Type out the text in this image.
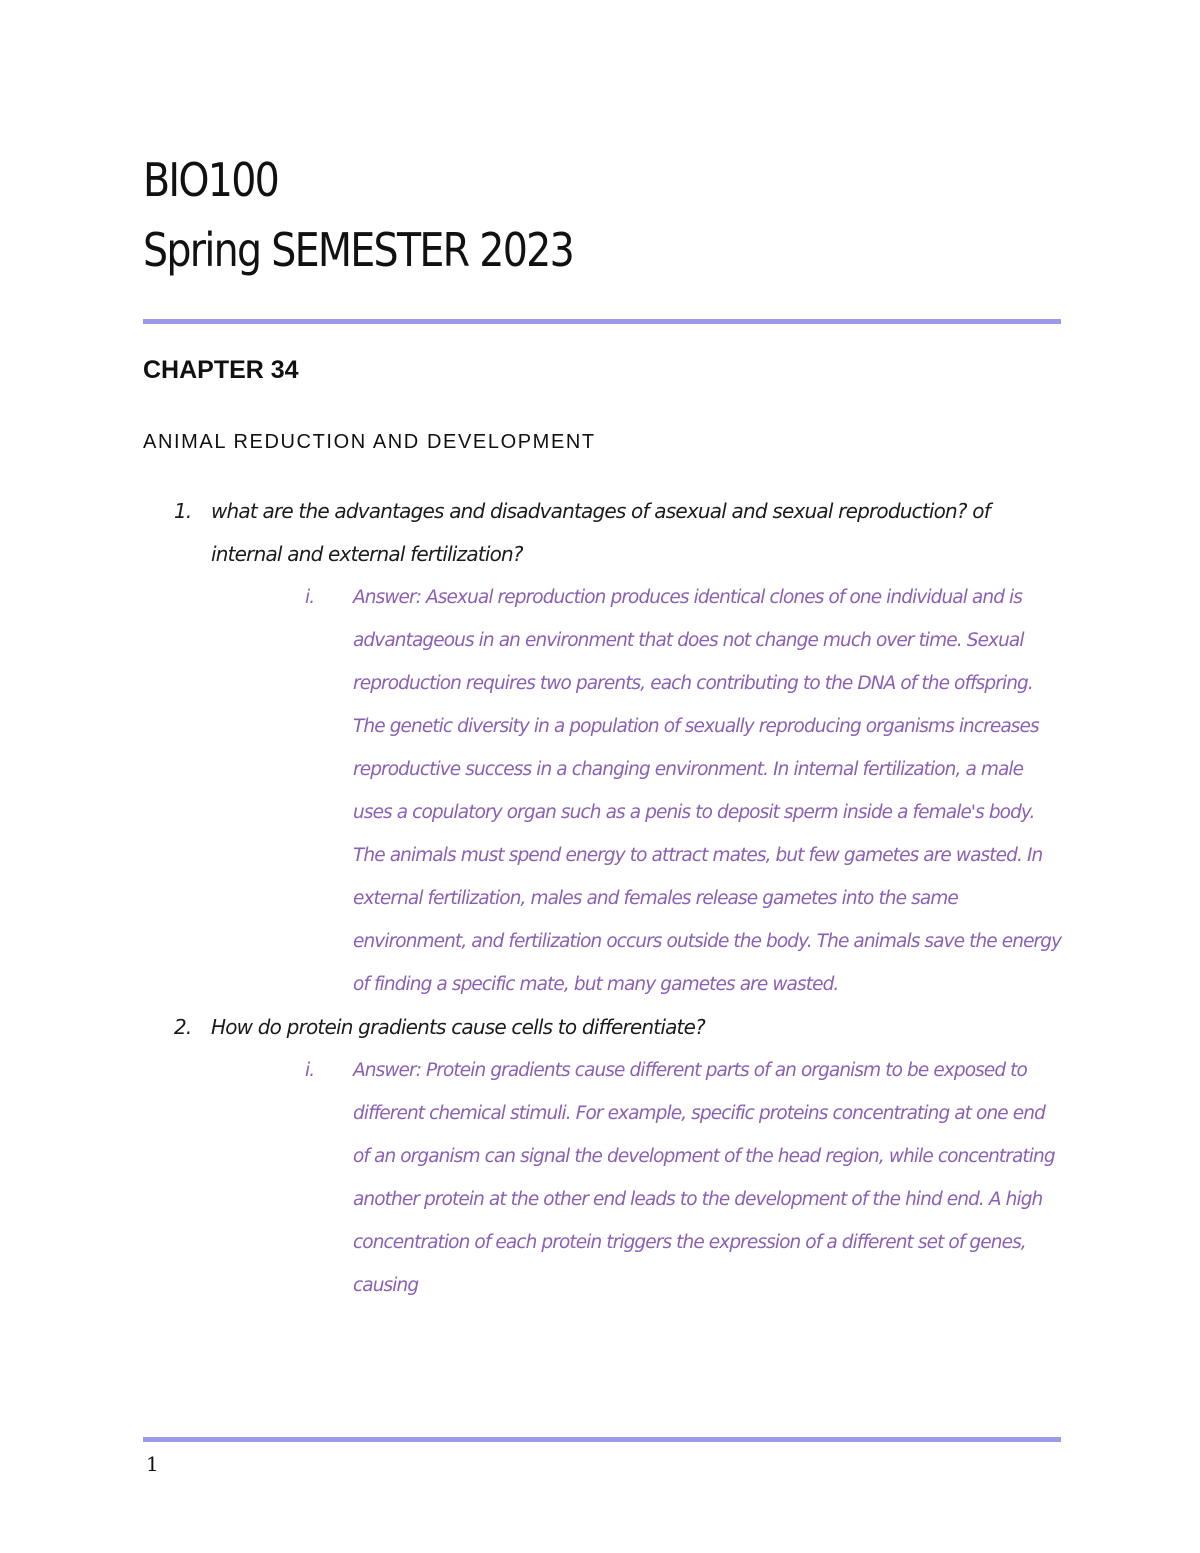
BIO100
Spring SEMESTER 2023
CHAPTER 34
ANIMAL REDUCTION AND DEVELOPMENT
1. what are the advantages and disadvantages of asexual and sexual reproduction? of internal and external fertilization?
i. Answer: Asexual reproduction produces identical clones of one individual and is advantageous in an environment that does not change much over time. Sexual reproduction requires two parents, each contributing to the DNA of the offspring. The genetic diversity in a population of sexually reproducing organisms increases reproductive success in a changing environment. In internal fertilization, a male uses a copulatory organ such as a penis to deposit sperm inside a female's body. The animals must spend energy to attract mates, but few gametes are wasted. In external fertilization, males and females release gametes into the same environment, and fertilization occurs outside the body. The animals save the energy of finding a specific mate, but many gametes are wasted.
2. How do protein gradients cause cells to differentiate?
i. Answer: Protein gradients cause different parts of an organism to be exposed to different chemical stimuli. For example, specific proteins concentrating at one end of an organism can signal the development of the head region, while concentrating another protein at the other end leads to the development of the hind end. A high concentration of each protein triggers the expression of a different set of genes, causing
1
